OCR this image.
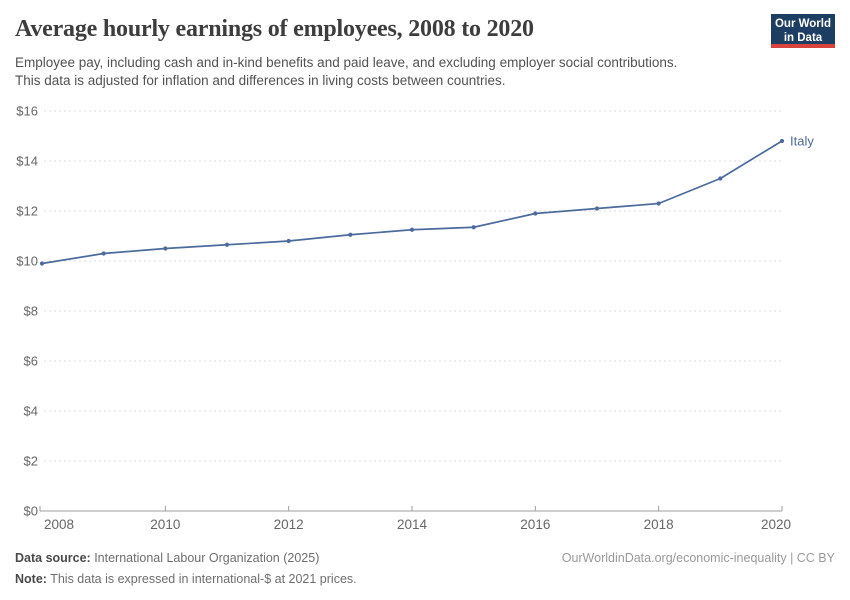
Average hourly earnings of employees, 2008 to 2020

Employee pay, including cash and in-kind benefits and paid leave, and excluding employer social contributions.
This data is adjusted for inflation and differences in living costs between countries.

Our World
in Data
$0
$2
$4
$6
$8
$10
$12
$14
$16
2008	2010	2012	2014	2016	2018	2020
Italy
Data source: International Labour Organization (2025)
Note: This data is expressed in international-$ at 2021 prices.
OurWorldinData.org/economic-inequality | CC BY
